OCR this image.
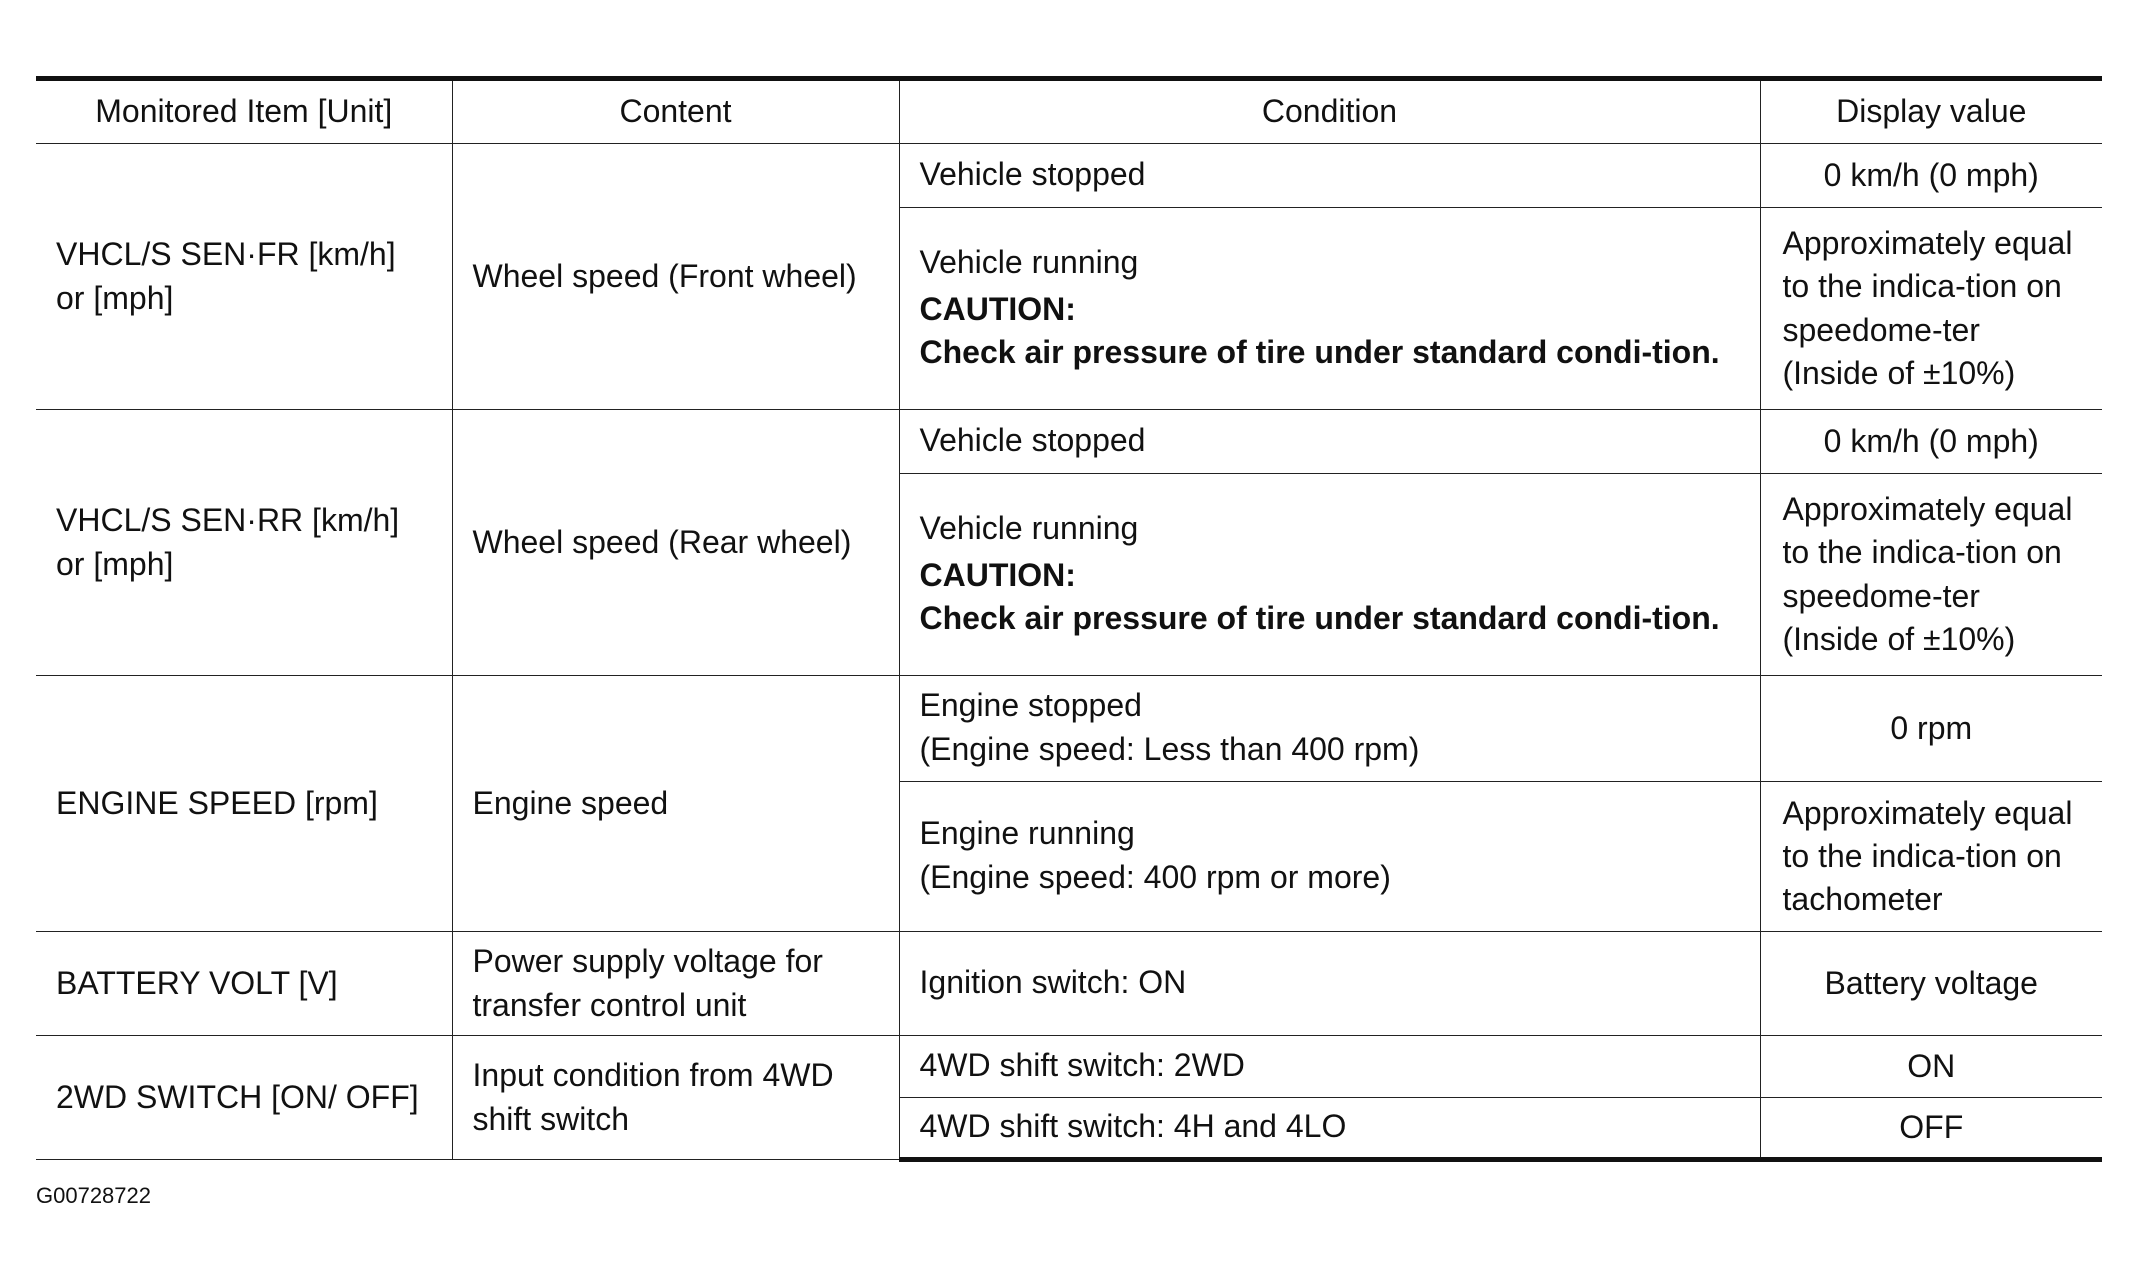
Monitored Item [Unit]	Content	Condition	Display value
VHCL/S SEN·FR [km/h] or [mph]	Wheel speed (Front wheel)	Vehicle stopped	0 km/h (0 mph)

		Vehicle running
CAUTION:
Check air pressure of tire under standard condi-tion.	Approximately equal to the indica-tion on speedome-ter (Inside of ±10%)
VHCL/S SEN·RR [km/h] or [mph]	Wheel speed (Rear wheel)	Vehicle stopped	0 km/h (0 mph)

		Vehicle running
CAUTION:
Check air pressure of tire under standard condi-tion.	Approximately equal to the indica-tion on speedome-ter (Inside of ±10%)
ENGINE SPEED [rpm]	Engine speed	Engine stopped
(Engine speed: Less than 400 rpm)	0 rpm

		Engine running
(Engine speed: 400 rpm or more)	Approximately equal to the indica-tion on tachometer
BATTERY VOLT [V]	Power supply voltage for transfer control unit	Ignition switch: ON	Battery voltage
2WD SWITCH [ON/ OFF]	Input condition from 4WD shift switch	4WD shift switch: 2WD	ON

		4WD shift switch: 4H and 4LO	OFF
G00728722
